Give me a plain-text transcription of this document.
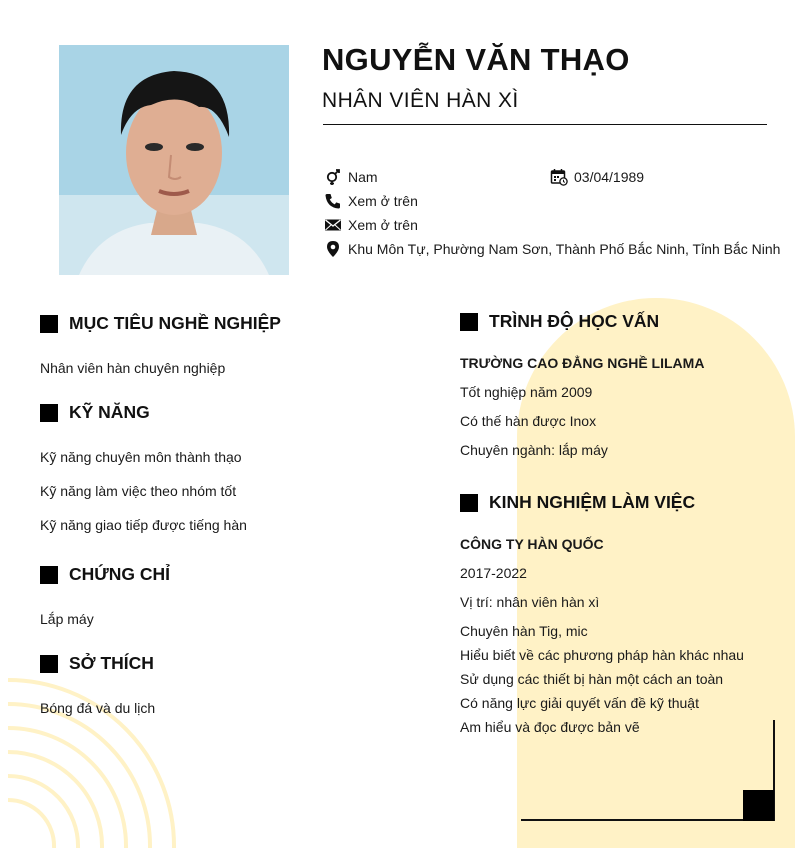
NGUYỄN VĂN THẠO
NHÂN VIÊN HÀN XÌ
Nam	03/04/1989
Xem ở trên
Xem ở trên
Khu Môn Tự, Phường Nam Sơn, Thành Phố Bắc Ninh, Tỉnh Bắc Ninh
MỤC TIÊU NGHỀ NGHIỆP
Nhân viên hàn chuyên nghiệp
KỸ NĂNG
Kỹ năng chuyên môn thành thạo
Kỹ năng làm việc theo nhóm tốt
Kỹ năng giao tiếp được tiếng hàn
CHỨNG CHỈ
Lắp máy
SỞ THÍCH
Bóng đá và du lịch
TRÌNH ĐỘ HỌC VẤN
TRƯỜNG CAO ĐẲNG NGHỀ LILAMA
Tốt nghiệp năm 2009
Có thế hàn được Inox
Chuyên ngành: lắp máy
KINH NGHIỆM LÀM VIỆC
CÔNG TY HÀN QUỐC
2017-2022
Vị trí: nhân viên hàn xì
Chuyên hàn Tig, mic
Hiểu biết về các phương pháp hàn khác nhau
Sử dụng các thiết bị hàn một cách an toàn
Có năng lực giải quyết vấn đề kỹ thuật
Am hiểu và đọc được bản vẽ
